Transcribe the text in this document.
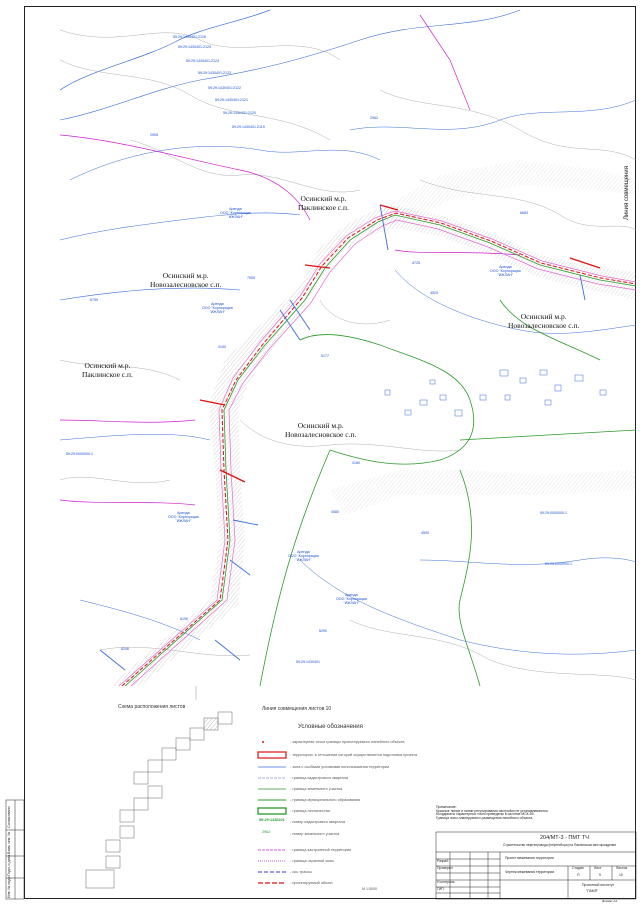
Осинский м.р.
Паклинское с.п.
Осинский м.р.
Новозалесновское с.п.
Осинский м.р.
Паклинское с.п.
Осинский м.р.
Новозалесновское с.п.
Осинский м.р.
Новозалесновское с.п.
59:29:1430401:2126
59:29:1430401:2125
59:29:1430401:2124
59:29:1430401:2123
59:29:1430401:2122
59:29:1430401:2121
59:29:1430401:2120
59:29:1430401:2119
59:29:0000000:1
59:29:0000000:1
59:29:0000000:1
59:29:1430401
2962
2905
6683
6759
4525
4725
7055
5177
6190
4580
4590
6290
6246
4180
4190
Аренда
ООО "Корпорация
"ИЖЛАН"
Аренда
ООО "Корпорация
"ИЖЛАН"
Аренда
ООО "Корпорация
"ИЖЛАН"
Аренда
ООО "Корпорация
"ИЖЛАН"
Аренда
ООО "Корпорация
"ИЖЛАН"
Аренда
ООО "Корпорация
"ИЖЛАН"
Линия совмещения
Схема расположения листов	Линия совмещения листов 10
Условные обозначения
- характерная точка границы проектируемого линейного объекта
- территория, в отношении которой осуществляется подготовка проекта
- зона с особыми условиями использования территории
- граница кадастрового квартала
- граница земельного участка
- граница муниципального образования
- граница лесничества
- номер кадастрового квартала
- номер земельного участка
- граница застроенной территории
- граница охранной зоны
- ось трассы
- проектируемый объект
59:29:1430401
2962
М 1:5000
Примечание:
Красные линии и линии регулирования застройки не устанавливаются.
Координаты характерных точек приведены в системе МСК-59.
Граница зоны планируемого размещения линейного объекта.
204/МТ-3 - ПМТ ТЧ
Строительство нефтепровода (нефтесбора) на Паклинском месторождении
Проект межевания территории
Чертеж межевания территории
Стадия	Лист	Листов
П	9	10
Проектный институт
"ПАМП"
Разраб.
Проверил
Н.контроль
ГИП
Формат А1
Инв. № подл.
Подп. и дата
Взам. инв. №
Согласовано
